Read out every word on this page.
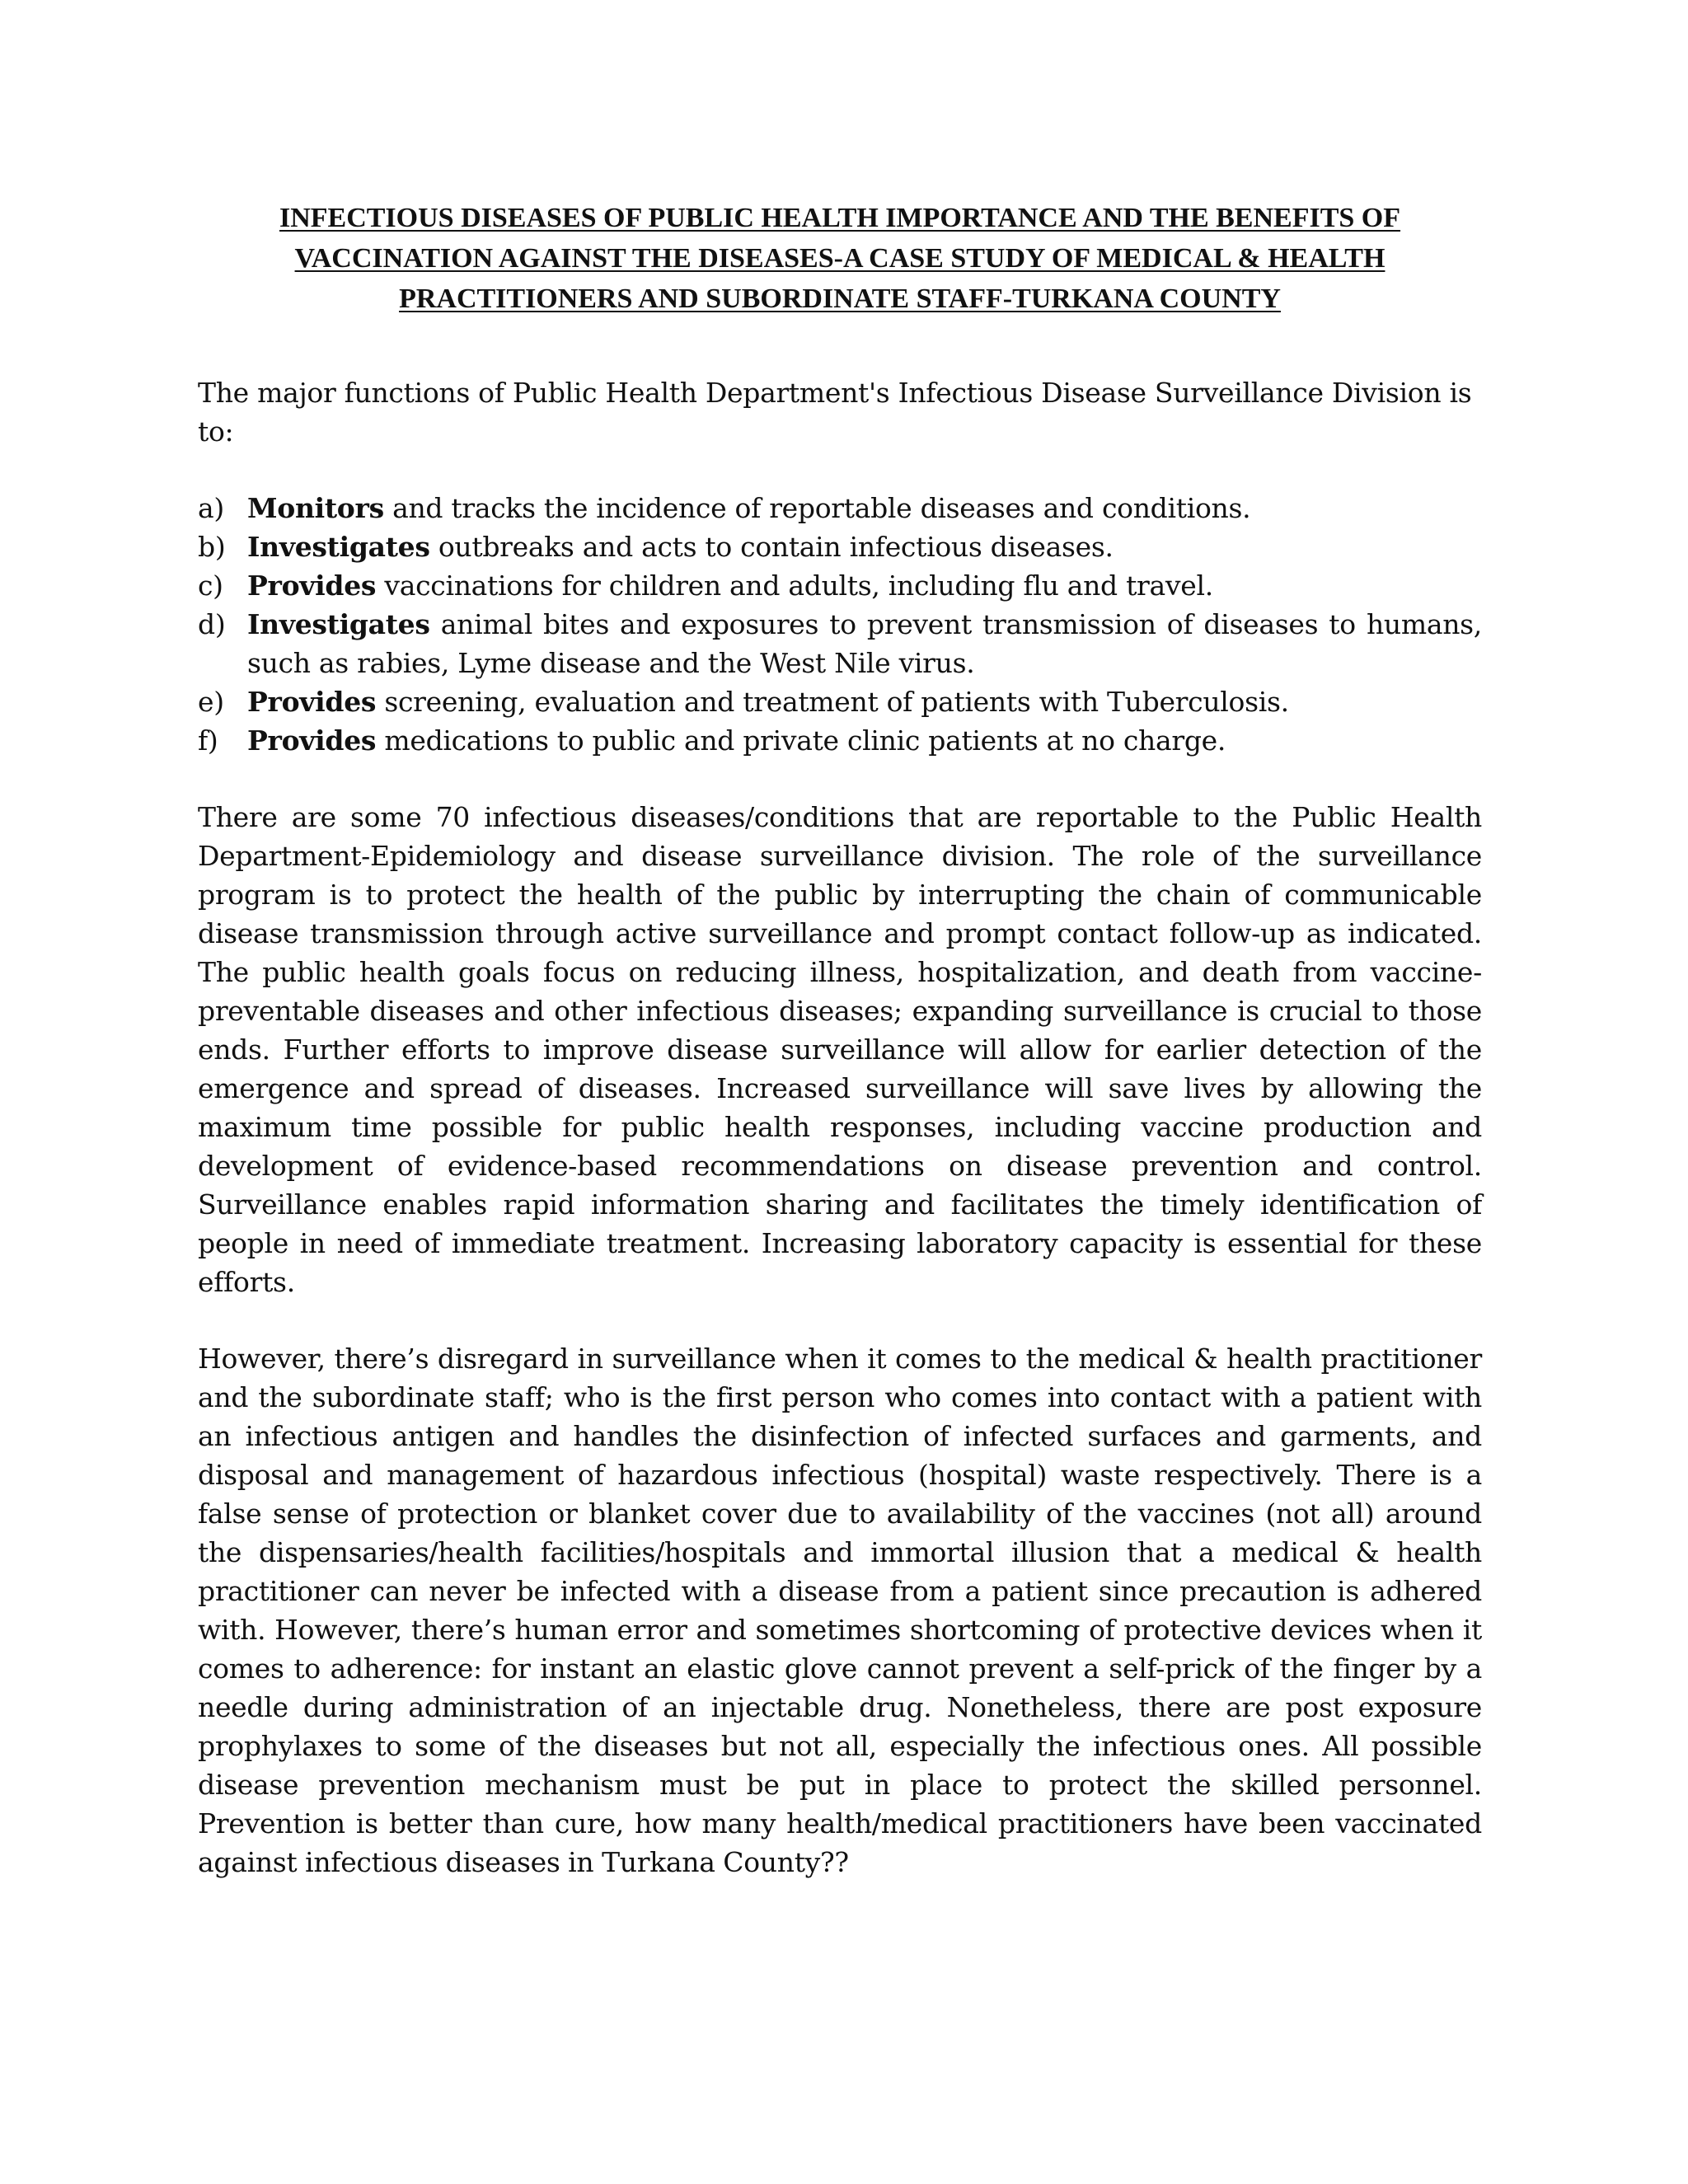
INFECTIOUS DISEASES OF PUBLIC HEALTH IMPORTANCE AND THE BENEFITS OF
VACCINATION AGAINST THE DISEASES-A CASE STUDY OF MEDICAL & HEALTH
PRACTITIONERS AND SUBORDINATE STAFF-TURKANA COUNTY

The major functions of Public Health Department's Infectious Disease Surveillance Division is to:

a) Monitors and tracks the incidence of reportable diseases and conditions.
b) Investigates outbreaks and acts to contain infectious diseases.
c) Provides vaccinations for children and adults, including flu and travel.
d) Investigates animal bites and exposures to prevent transmission of diseases to humans, such as rabies, Lyme disease and the West Nile virus.
e) Provides screening, evaluation and treatment of patients with Tuberculosis.
f) Provides medications to public and private clinic patients at no charge.

There are some 70 infectious diseases/conditions that are reportable to the Public Health Department-Epidemiology and disease surveillance division. The role of the surveillance program is to protect the health of the public by interrupting the chain of communicable disease transmission through active surveillance and prompt contact follow-up as indicated. The public health goals focus on reducing illness, hospitalization, and death from vaccine-preventable diseases and other infectious diseases; expanding surveillance is crucial to those ends. Further efforts to improve disease surveillance will allow for earlier detection of the emergence and spread of diseases. Increased surveillance will save lives by allowing the maximum time possible for public health responses, including vaccine production and development of evidence-based recommendations on disease prevention and control. Surveillance enables rapid information sharing and facilitates the timely identification of people in need of immediate treatment. Increasing laboratory capacity is essential for these efforts.

However, there’s disregard in surveillance when it comes to the medical & health practitioner and the subordinate staff; who is the first person who comes into contact with a patient with an infectious antigen and handles the disinfection of infected surfaces and garments, and disposal and management of hazardous infectious (hospital) waste respectively. There is a false sense of protection or blanket cover due to availability of the vaccines (not all) around the dispensaries/health facilities/hospitals and immortal illusion that a medical & health practitioner can never be infected with a disease from a patient since precaution is adhered with. However, there’s human error and sometimes shortcoming of protective devices when it comes to adherence: for instant an elastic glove cannot prevent a self-prick of the finger by a needle during administration of an injectable drug. Nonetheless, there are post exposure prophylaxes to some of the diseases but not all, especially the infectious ones. All possible disease prevention mechanism must be put in place to protect the skilled personnel. Prevention is better than cure, how many health/medical practitioners have been vaccinated against infectious diseases in Turkana County??
